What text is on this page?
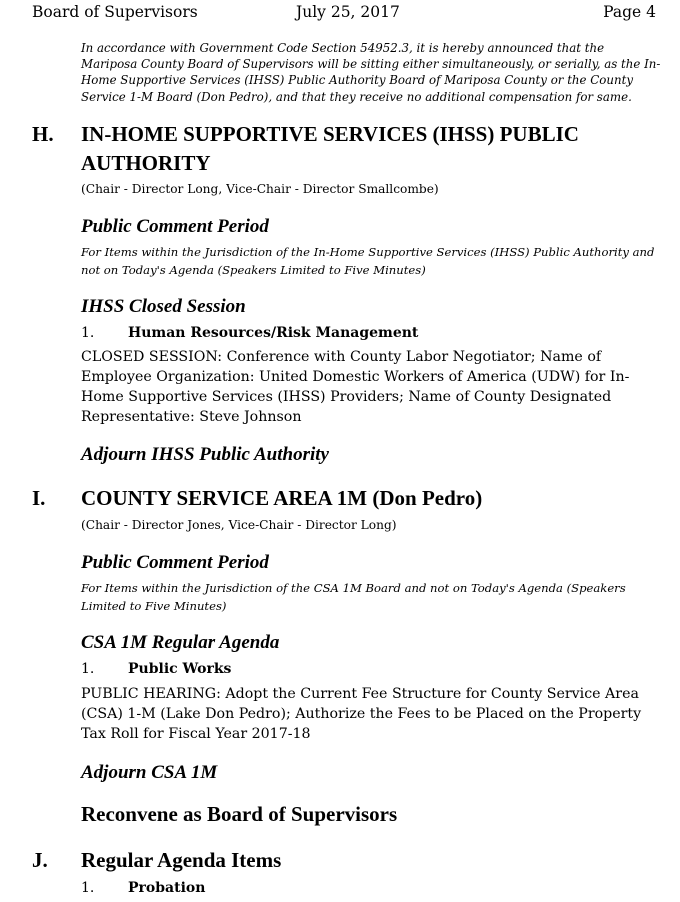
Board of Supervisors	July 25, 2017	Page 4

In accordance with Government Code Section 54952.3, it is hereby announced that the Mariposa County Board of Supervisors will be sitting either simultaneously, or serially, as the In-Home Supportive Services (IHSS) Public Authority Board of Mariposa County or the County Service 1-M Board (Don Pedro), and that they receive no additional compensation for same.

H. IN-HOME SUPPORTIVE SERVICES (IHSS) PUBLIC
AUTHORITY
(Chair - Director Long, Vice-Chair - Director Smallcombe)
Public Comment Period

For Items within the Jurisdiction of the In-Home Supportive Services (IHSS) Public Authority and not on Today's Agenda (Speakers Limited to Five Minutes)

IHSS Closed Session
1. Human Resources/Risk Management

CLOSED SESSION: Conference with County Labor Negotiator; Name of Employee Organization: United Domestic Workers of America (UDW) for In-Home Supportive Services (IHSS) Providers; Name of County Designated Representative: Steve Johnson

Adjourn IHSS Public Authority
I. COUNTY SERVICE AREA 1M (Don Pedro)
(Chair - Director Jones, Vice-Chair - Director Long)
Public Comment Period

For Items within the Jurisdiction of the CSA 1M Board and not on Today's Agenda (Speakers Limited to Five Minutes)

CSA 1M Regular Agenda
1. Public Works

PUBLIC HEARING: Adopt the Current Fee Structure for County Service Area (CSA) 1-M (Lake Don Pedro); Authorize the Fees to be Placed on the Property Tax Roll for Fiscal Year 2017-18

Adjourn CSA 1M
Reconvene as Board of Supervisors
J. Regular Agenda Items
1. Probation
